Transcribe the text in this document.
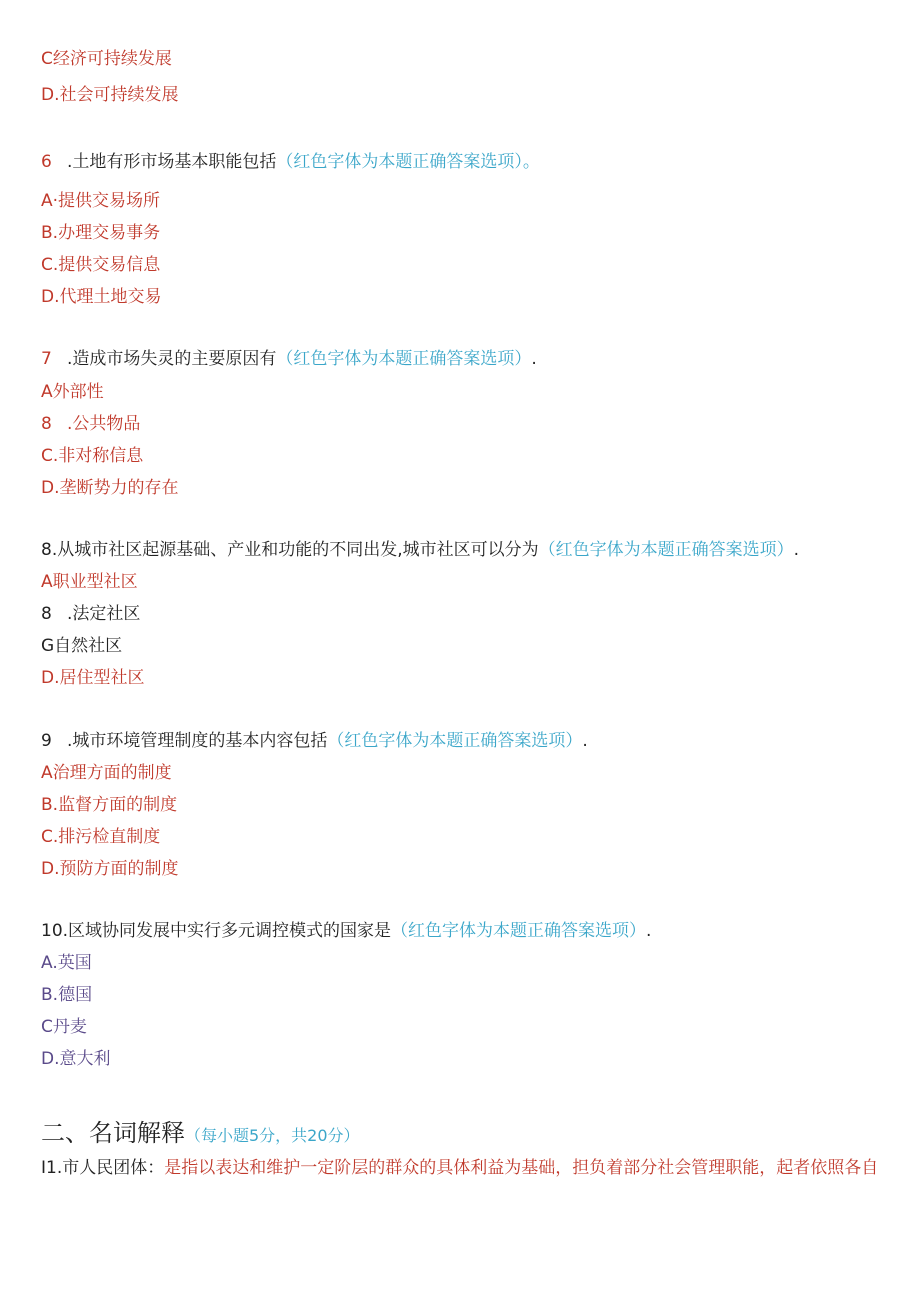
C经济可持续发展
D.社会可持续发展
6 .土地有形市场基本职能包括（红色字体为本题正确答案选项）。
A·提供交易场所
B.办理交易事务
C.提供交易信息
D.代理土地交易
7 .造成市场失灵的主要原因有（红色字体为本题正确答案选项）.
A外部性
8 .公共物品
C.非对称信息
D.垄断势力的存在
8.从城市社区起源基础、产业和功能的不同出发,城市社区可以分为（红色字体为本题正确答案选项）.
A职业型社区
8 .法定社区
G自然社区
D.居住型社区
9 .城市环境管理制度的基本内容包括（红色字体为本题正确答案选项）.
A治理方面的制度
B.监督方面的制度
C.排污检直制度
D.预防方面的制度
10.区域协同发展中实行多元调控模式的国家是（红色字体为本题正确答案选项）.
A.英国
B.德国
C丹麦
D.意大利
二、名词解释（每小题5分，共20分）
I1.市人民团体：是指以表达和维护一定阶层的群众的具体利益为基础，担负着部分社会管理职能，起者依照各自
